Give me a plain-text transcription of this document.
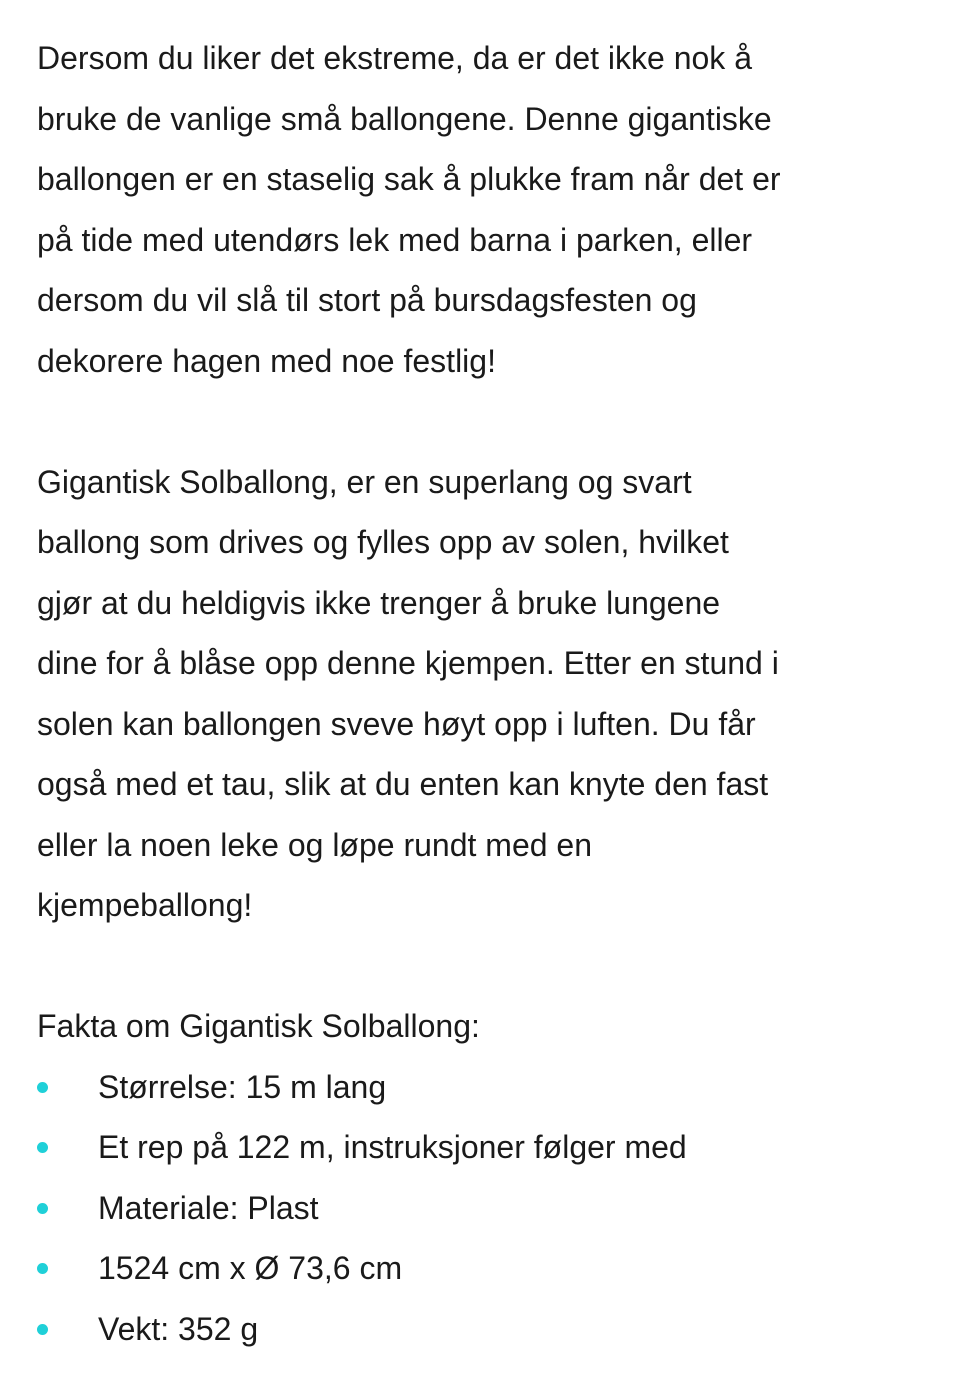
Dersom du liker det ekstreme, da er det ikke nok å
bruke de vanlige små ballongene. Denne gigantiske
ballongen er en staselig sak å plukke fram når det er
på tide med utendørs lek med barna i parken, eller
dersom du vil slå til stort på bursdagsfesten og
dekorere hagen med noe festlig!
Gigantisk Solballong, er en superlang og svart
ballong som drives og fylles opp av solen, hvilket
gjør at du heldigvis ikke trenger å bruke lungene
dine for å blåse opp denne kjempen. Etter en stund i
solen kan ballongen sveve høyt opp i luften. Du får
også med et tau, slik at du enten kan knyte den fast
eller la noen leke og løpe rundt med en
kjempeballong!
Fakta om Gigantisk Solballong:
Størrelse: 15 m lang
Et rep på 122 m, instruksjoner følger med
Materiale: Plast
1524 cm x Ø 73,6 cm
Vekt: 352 g
